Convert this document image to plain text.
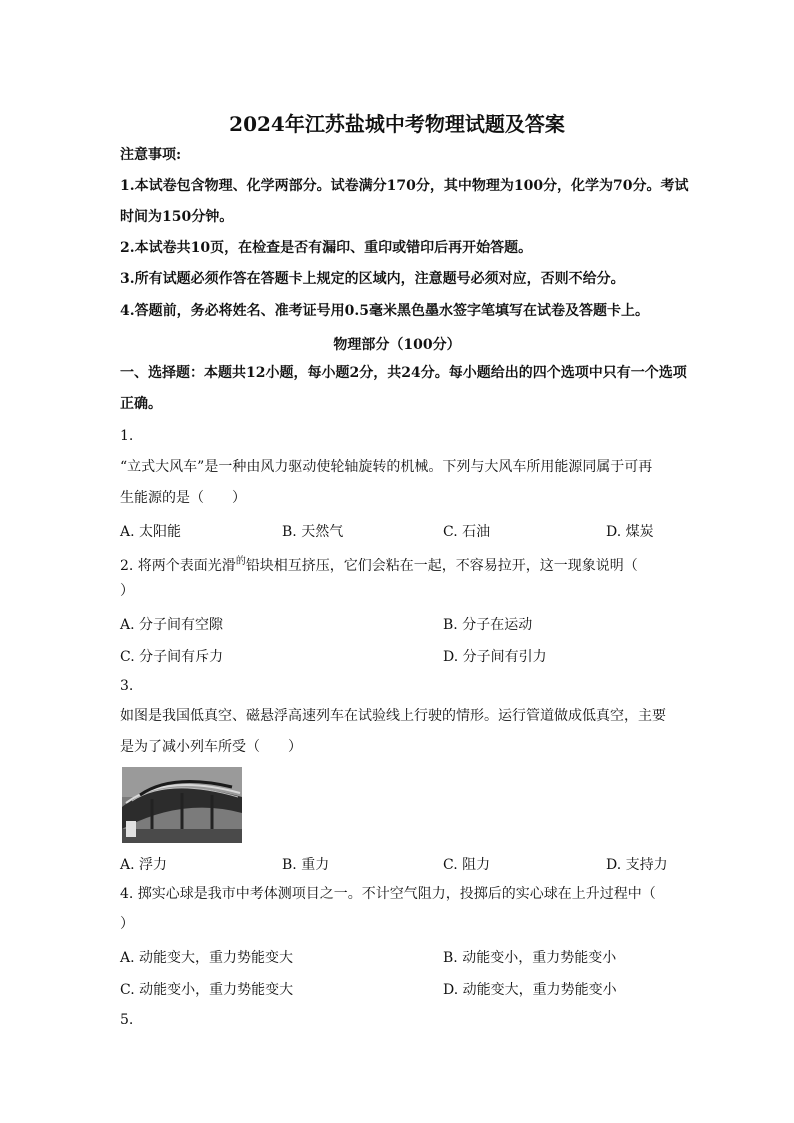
2024年江苏盐城中考物理试题及答案
注意事项:
1.本试卷包含物理、化学两部分。试卷满分170分，其中物理为100分，化学为70分。考试
时间为150分钟。
2.本试卷共10页，在检查是否有漏印、重印或错印后再开始答题。
3.所有试题必须作答在答题卡上规定的区域内，注意题号必须对应，否则不给分。
4.答题前，务必将姓名、准考证号用0.5毫米黑色墨水签字笔填写在试卷及答题卡上。
物理部分（100分）
一、选择题：本题共12小题，每小题2分，共24分。每小题给出的四个选项中只有一个选项
正确。
1.
“立式大风车”是一种由风力驱动使轮轴旋转的机械。下列与大风车所用能源同属于可再
生能源的是（　　）
A. 太阳能	B. 天然气	C. 石油	D. 煤炭
2. 将两个表面光滑$^的$铅块相互挤压，它们会粘在一起，不容易拉开，这一现象说明（
）
A. 分子间有空隙	B. 分子在运动
C. 分子间有斥力	D. 分子间有引力
3.
如图是我国低真空、磁悬浮高速列车在试验线上行驶的情形。运行管道做成低真空，主要
是为了减小列车所受（　　）
A. 浮力	B. 重力	C. 阻力	D. 支持力
4. 掷实心球是我市中考体测项目之一。不计空气阻力，投掷后的实心球在上升过程中（
）
A. 动能变大，重力势能变大	B. 动能变小，重力势能变小
C. 动能变小，重力势能变大	D. 动能变大，重力势能变小
5.
